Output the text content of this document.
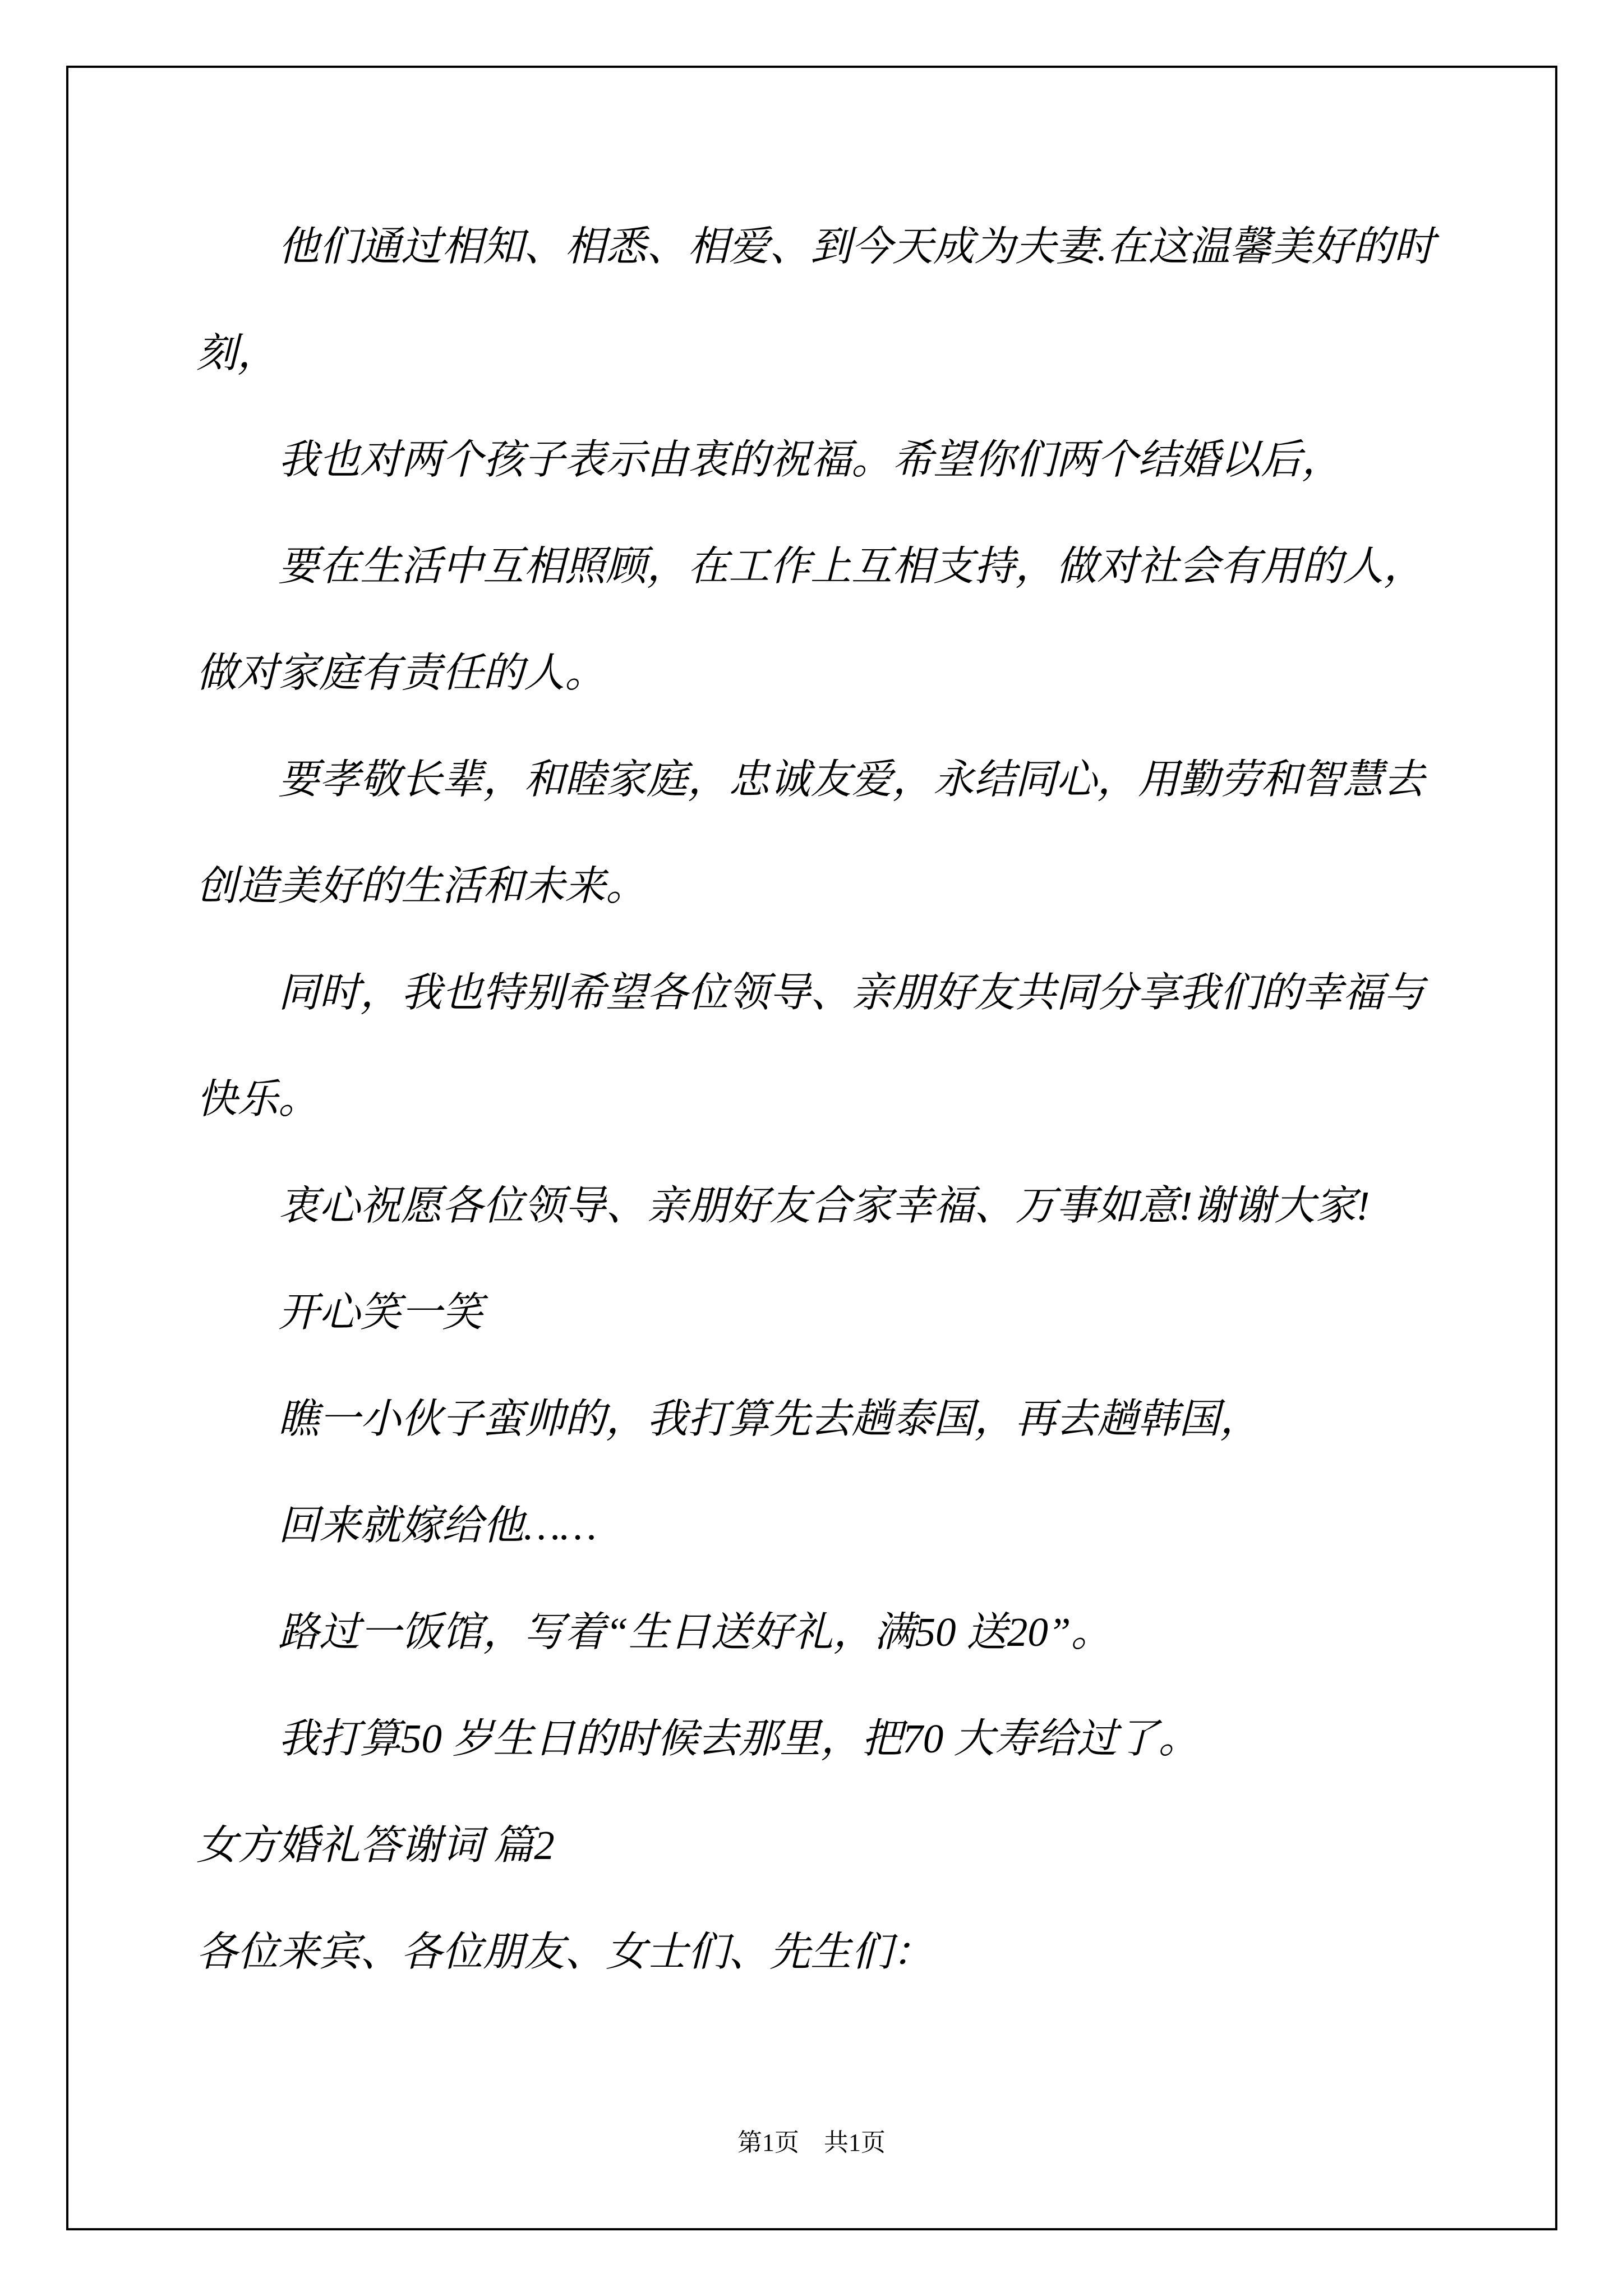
他们通过相知、相悉、相爱、到今天成为夫妻.在这温馨美好的时
刻，
我也对两个孩子表示由衷的祝福。希望你们两个结婚以后，
要在生活中互相照顾，在工作上互相支持，做对社会有用的人，
做对家庭有责任的人。
要孝敬长辈，和睦家庭，忠诚友爱，永结同心，用勤劳和智慧去
创造美好的生活和未来。
同时，我也特别希望各位领导、亲朋好友共同分享我们的幸福与
快乐。
衷心祝愿各位领导、亲朋好友合家幸福、万事如意!谢谢大家!
开心笑一笑
瞧一小伙子蛮帅的，我打算先去趟泰国，再去趟韩国，
回来就嫁给他……
路过一饭馆，写着“生日送好礼，满50 送20”。
我打算50 岁生日的时候去那里，把70 大寿给过了。
女方婚礼答谢词 篇2
各位来宾、各位朋友、女士们、先生们：
第1页　共1页
